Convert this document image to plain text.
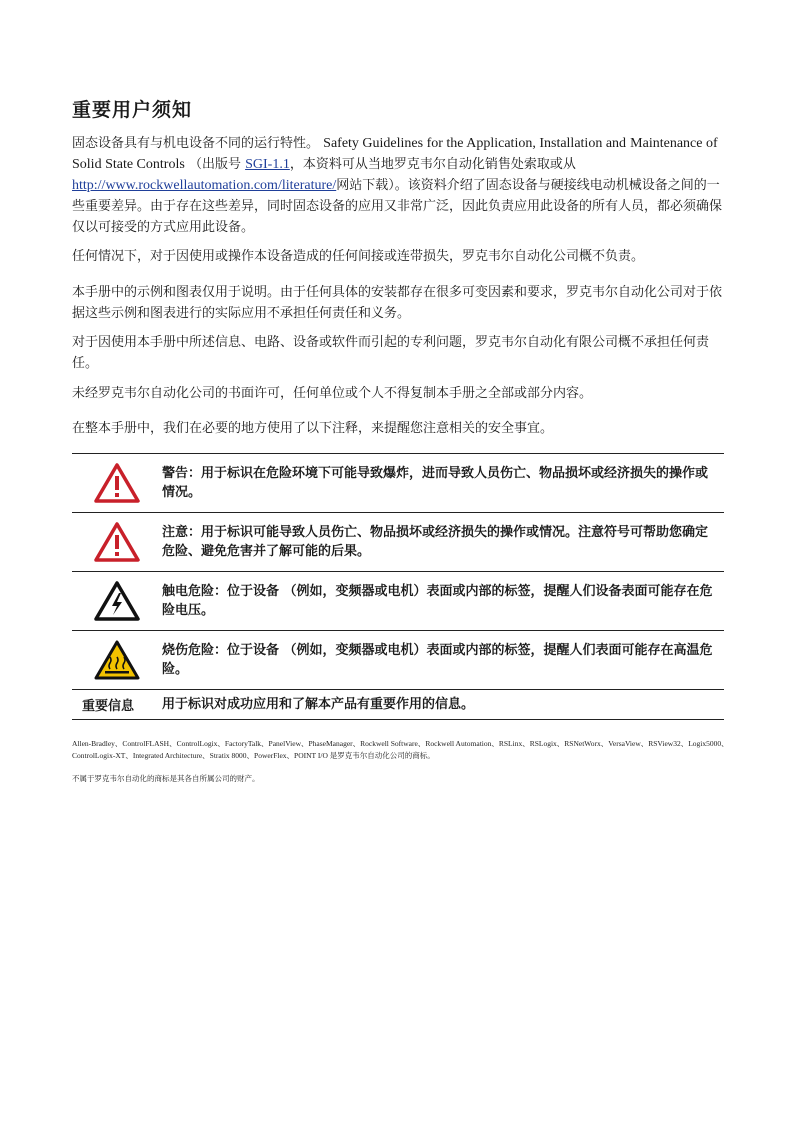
重要用户须知

固态设备具有与机电设备不同的运行特性。 Safety Guidelines for the Application, Installation and Maintenance of Solid State Controls （出版号 SGI-1.1，本资料可从当地罗克韦尔自动化销售处索取或从 http://www.rockwellautomation.com/literature/网站下载）。该资料介绍了固态设备与硬接线电动机械设备之间的一些重要差异。由于存在这些差异，同时固态设备的应用又非常广泛，因此负责应用此设备的所有人员，都必须确保仅以可接受的方式应用此设备。

任何情况下，对于因使用或操作本设备造成的任何间接或连带损失，罗克韦尔自动化公司概不负责。

本手册中的示例和图表仅用于说明。由于任何具体的安装都存在很多可变因素和要求，罗克韦尔自动化公司对于依据这些示例和图表进行的实际应用不承担任何责任和义务。

对于因使用本手册中所述信息、电路、设备或软件而引起的专利问题，罗克韦尔自动化有限公司概不承担任何责任。

未经罗克韦尔自动化公司的书面许可，任何单位或个人不得复制本手册之全部或部分内容。

在整本手册中，我们在必要的地方使用了以下注释，来提醒您注意相关的安全事宜。

警告：用于标识在危险环境下可能导致爆炸，进而导致人员伤亡、物品损坏或经济损失的操作或情况。
注意：用于标识可能导致人员伤亡、物品损坏或经济损失的操作或情况。注意符号可帮助您确定危险、避免危害并了解可能的后果。
触电危险：位于设备 （例如，变频器或电机）表面或内部的标签，提醒人们设备表面可能存在危险电压。
烧伤危险：位于设备 （例如，变频器或电机）表面或内部的标签，提醒人们表面可能存在高温危险。
重要信息	用于标识对成功应用和了解本产品有重要作用的信息。
Allen-Bradley、ControlFLASH、ControlLogix、FactoryTalk、PanelView、PhaseManager、Rockwell Software、Rockwell Automation、RSLinx、RSLogix、RSNetWorx、VersaView、RSView32、Logix5000、ControlLogix-XT、Integrated Architecture、Stratix 8000、PowerFlex、POINT I/O 是罗克韦尔自动化公司的商标。
不属于罗克韦尔自动化的商标是其各自所属公司的财产。
